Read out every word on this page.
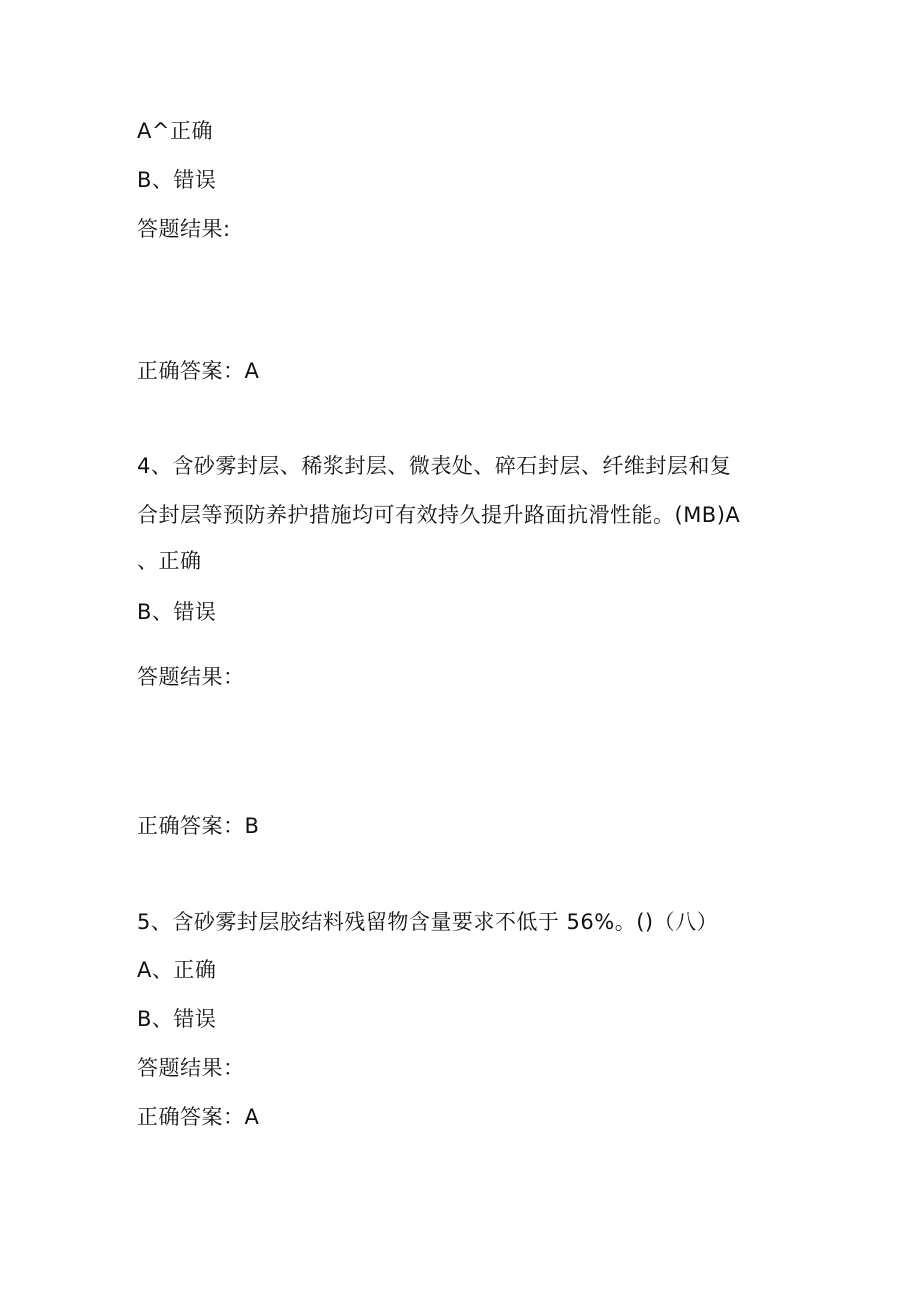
A^正确
B、错误
答题结果:
正确答案：A
4、含砂雾封层、稀浆封层、微表处、碎石封层、纤维封层和复
合封层等预防养护措施均可有效持久提升路面抗滑性能。(MB)A
、正确
B、错误
答题结果：
正确答案：B
5、含砂雾封层胶结料残留物含量要求不低于 56%。()（八）
A、正确
B、错误
答题结果：
正确答案：A
